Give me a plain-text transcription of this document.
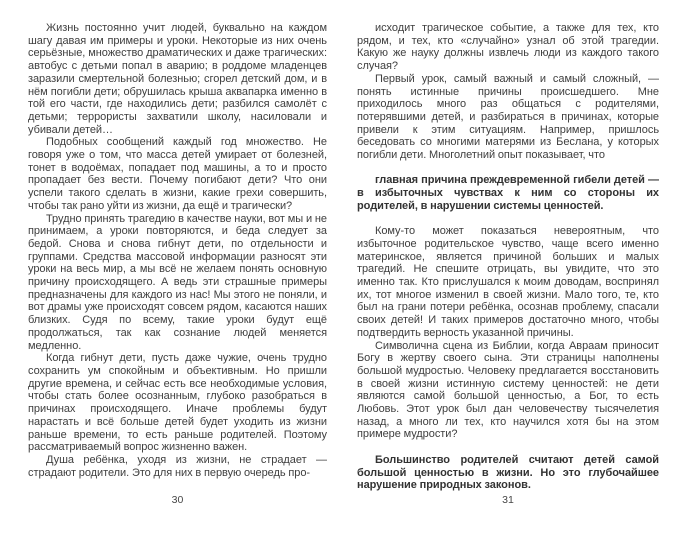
Жизнь постоянно учит людей, буквально на каждом шагу давая им примеры и уроки. Некоторые из них очень серьёзные, множество драматических и даже трагических: автобус с детьми попал в аварию; в роддоме младенцев заразили смертельной болезнью; сгорел детский дом, и в нём погибли дети; обрушилась крыша аквапарка именно в той его части, где находились дети; разбился самолёт с детьми; террористы захватили школу, насиловали и убивали детей…

Подобных сообщений каждый год множество. Не говоря уже о том, что масса детей умирает от болезней, тонет в водоёмах, попадает под машины, а то и просто пропадает без вести. Почему погибают дети? Что они успели такого сделать в жизни, какие грехи совершить, чтобы так рано уйти из жизни, да ещё и трагически?

Трудно принять трагедию в качестве науки, вот мы и не принимаем, а уроки повторяются, и беда следует за бедой. Снова и снова гибнут дети, по отдельности и группами. Средства массовой информации разносят эти уроки на весь мир, а мы всё не желаем понять основную причину происходящего. А ведь эти страшные примеры предназначены для каждого из нас! Мы этого не поняли, и вот драмы уже происходят совсем рядом, касаются наших близких. Судя по всему, такие уроки будут ещё продолжаться, так как сознание людей меняется медленно.

Когда гибнут дети, пусть даже чужие, очень трудно сохранить ум спокойным и объективным. Но пришли другие времена, и сейчас есть все необходимые условия, чтобы стать более осознанным, глубоко разобраться в причинах происходящего. Иначе проблемы будут нарастать и всё больше детей будет уходить из жизни раньше времени, то есть раньше родителей. Поэтому рассматриваемый вопрос жизненно важен.

Душа ребёнка, уходя из жизни, не страдает — страдают родители. Это для них в первую очередь про-

30

исходит трагическое событие, а также для тех, кто рядом, и тех, кто «случайно» узнал об этой трагедии. Какую же науку должны извлечь люди из каждого такого случая?

Первый урок, самый важный и самый сложный, — понять истинные причины происшедшего. Мне приходилось много раз общаться с родителями, потерявшими детей, и разбираться в причинах, которые привели к этим ситуациям. Например, пришлось беседовать со многими матерями из Беслана, у которых погибли дети. Многолетний опыт показывает, что

главная причина преждевременной гибели детей — в избыточных чувствах к ним со стороны их родителей, в нарушении системы ценностей.

Кому-то может показаться невероятным, что избыточное родительское чувство, чаще всего именно материнское, является причиной больших и малых трагедий. Не спешите отрицать, вы увидите, что это именно так. Кто прислушался к моим доводам, воспринял их, тот многое изменил в своей жизни. Мало того, те, кто был на грани потери ребёнка, осознав проблему, спасали своих детей! И таких примеров достаточно много, чтобы подтвердить верность указанной причины.

Символична сцена из Библии, когда Авраам приносит Богу в жертву своего сына. Эти страницы наполнены большой мудростью. Человеку предлагается восстановить в своей жизни истинную систему ценностей: не дети являются самой большой ценностью, а Бог, то есть Любовь. Этот урок был дан человечеству тысячелетия назад, а много ли тех, кто научился хотя бы на этом примере мудрости?

Большинство родителей считают детей самой большой ценностью в жизни. Но это глубочайшее нарушение природных законов.

31
